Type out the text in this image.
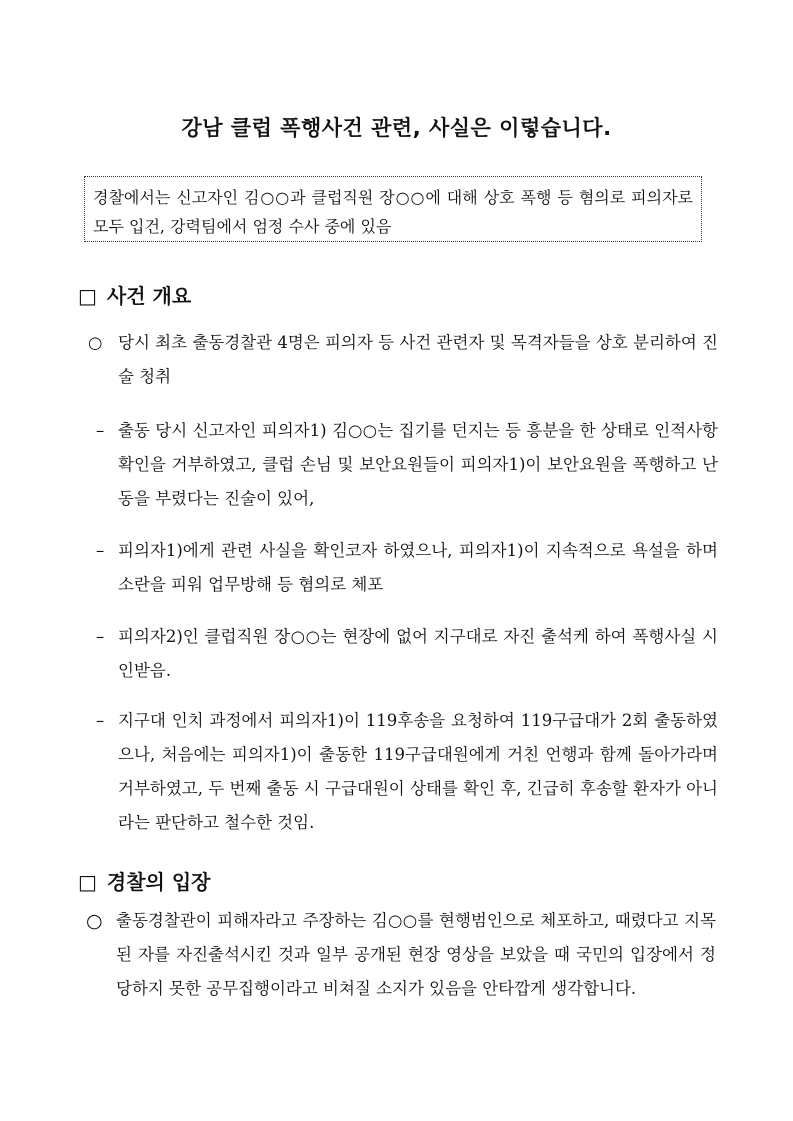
강남 클럽 폭행사건 관련, 사실은 이렇습니다.
경찰에서는 신고자인 김○○과 클럽직원 장○○에 대해 상호 폭행 등 혐의로 피의자로 모두 입건, 강력팀에서 엄정 수사 중에 있음
□ 사건 개요
○ 당시 최초 출동경찰관 4명은 피의자 등 사건 관련자 및 목격자들을 상호 분리하여 진술 청취
– 출동 당시 신고자인 피의자1) 김○○는 집기를 던지는 등 흥분을 한 상태로 인적사항 확인을 거부하였고, 클럽 손님 및 보안요원들이 피의자1)이 보안요원을 폭행하고 난동을 부렸다는 진술이 있어,
– 피의자1)에게 관련 사실을 확인코자 하였으나, 피의자1)이 지속적으로 욕설을 하며 소란을 피워 업무방해 등 혐의로 체포
– 피의자2)인 클럽직원 장○○는 현장에 없어 지구대로 자진 출석케 하여 폭행사실 시인받음.
– 지구대 인치 과정에서 피의자1)이 119후송을 요청하여 119구급대가 2회 출동하였으나, 처음에는 피의자1)이 출동한 119구급대원에게 거친 언행과 함께 돌아가라며 거부하였고, 두 번째 출동 시 구급대원이 상태를 확인 후, 긴급히 후송할 환자가 아니라는 판단하고 철수한 것임.
□ 경찰의 입장
○ 출동경찰관이 피해자라고 주장하는 김○○를 현행범인으로 체포하고, 때렸다고 지목된 자를 자진출석시킨 것과 일부 공개된 현장 영상을 보았을 때 국민의 입장에서 정당하지 못한 공무집행이라고 비쳐질 소지가 있음을 안타깝게 생각합니다.
